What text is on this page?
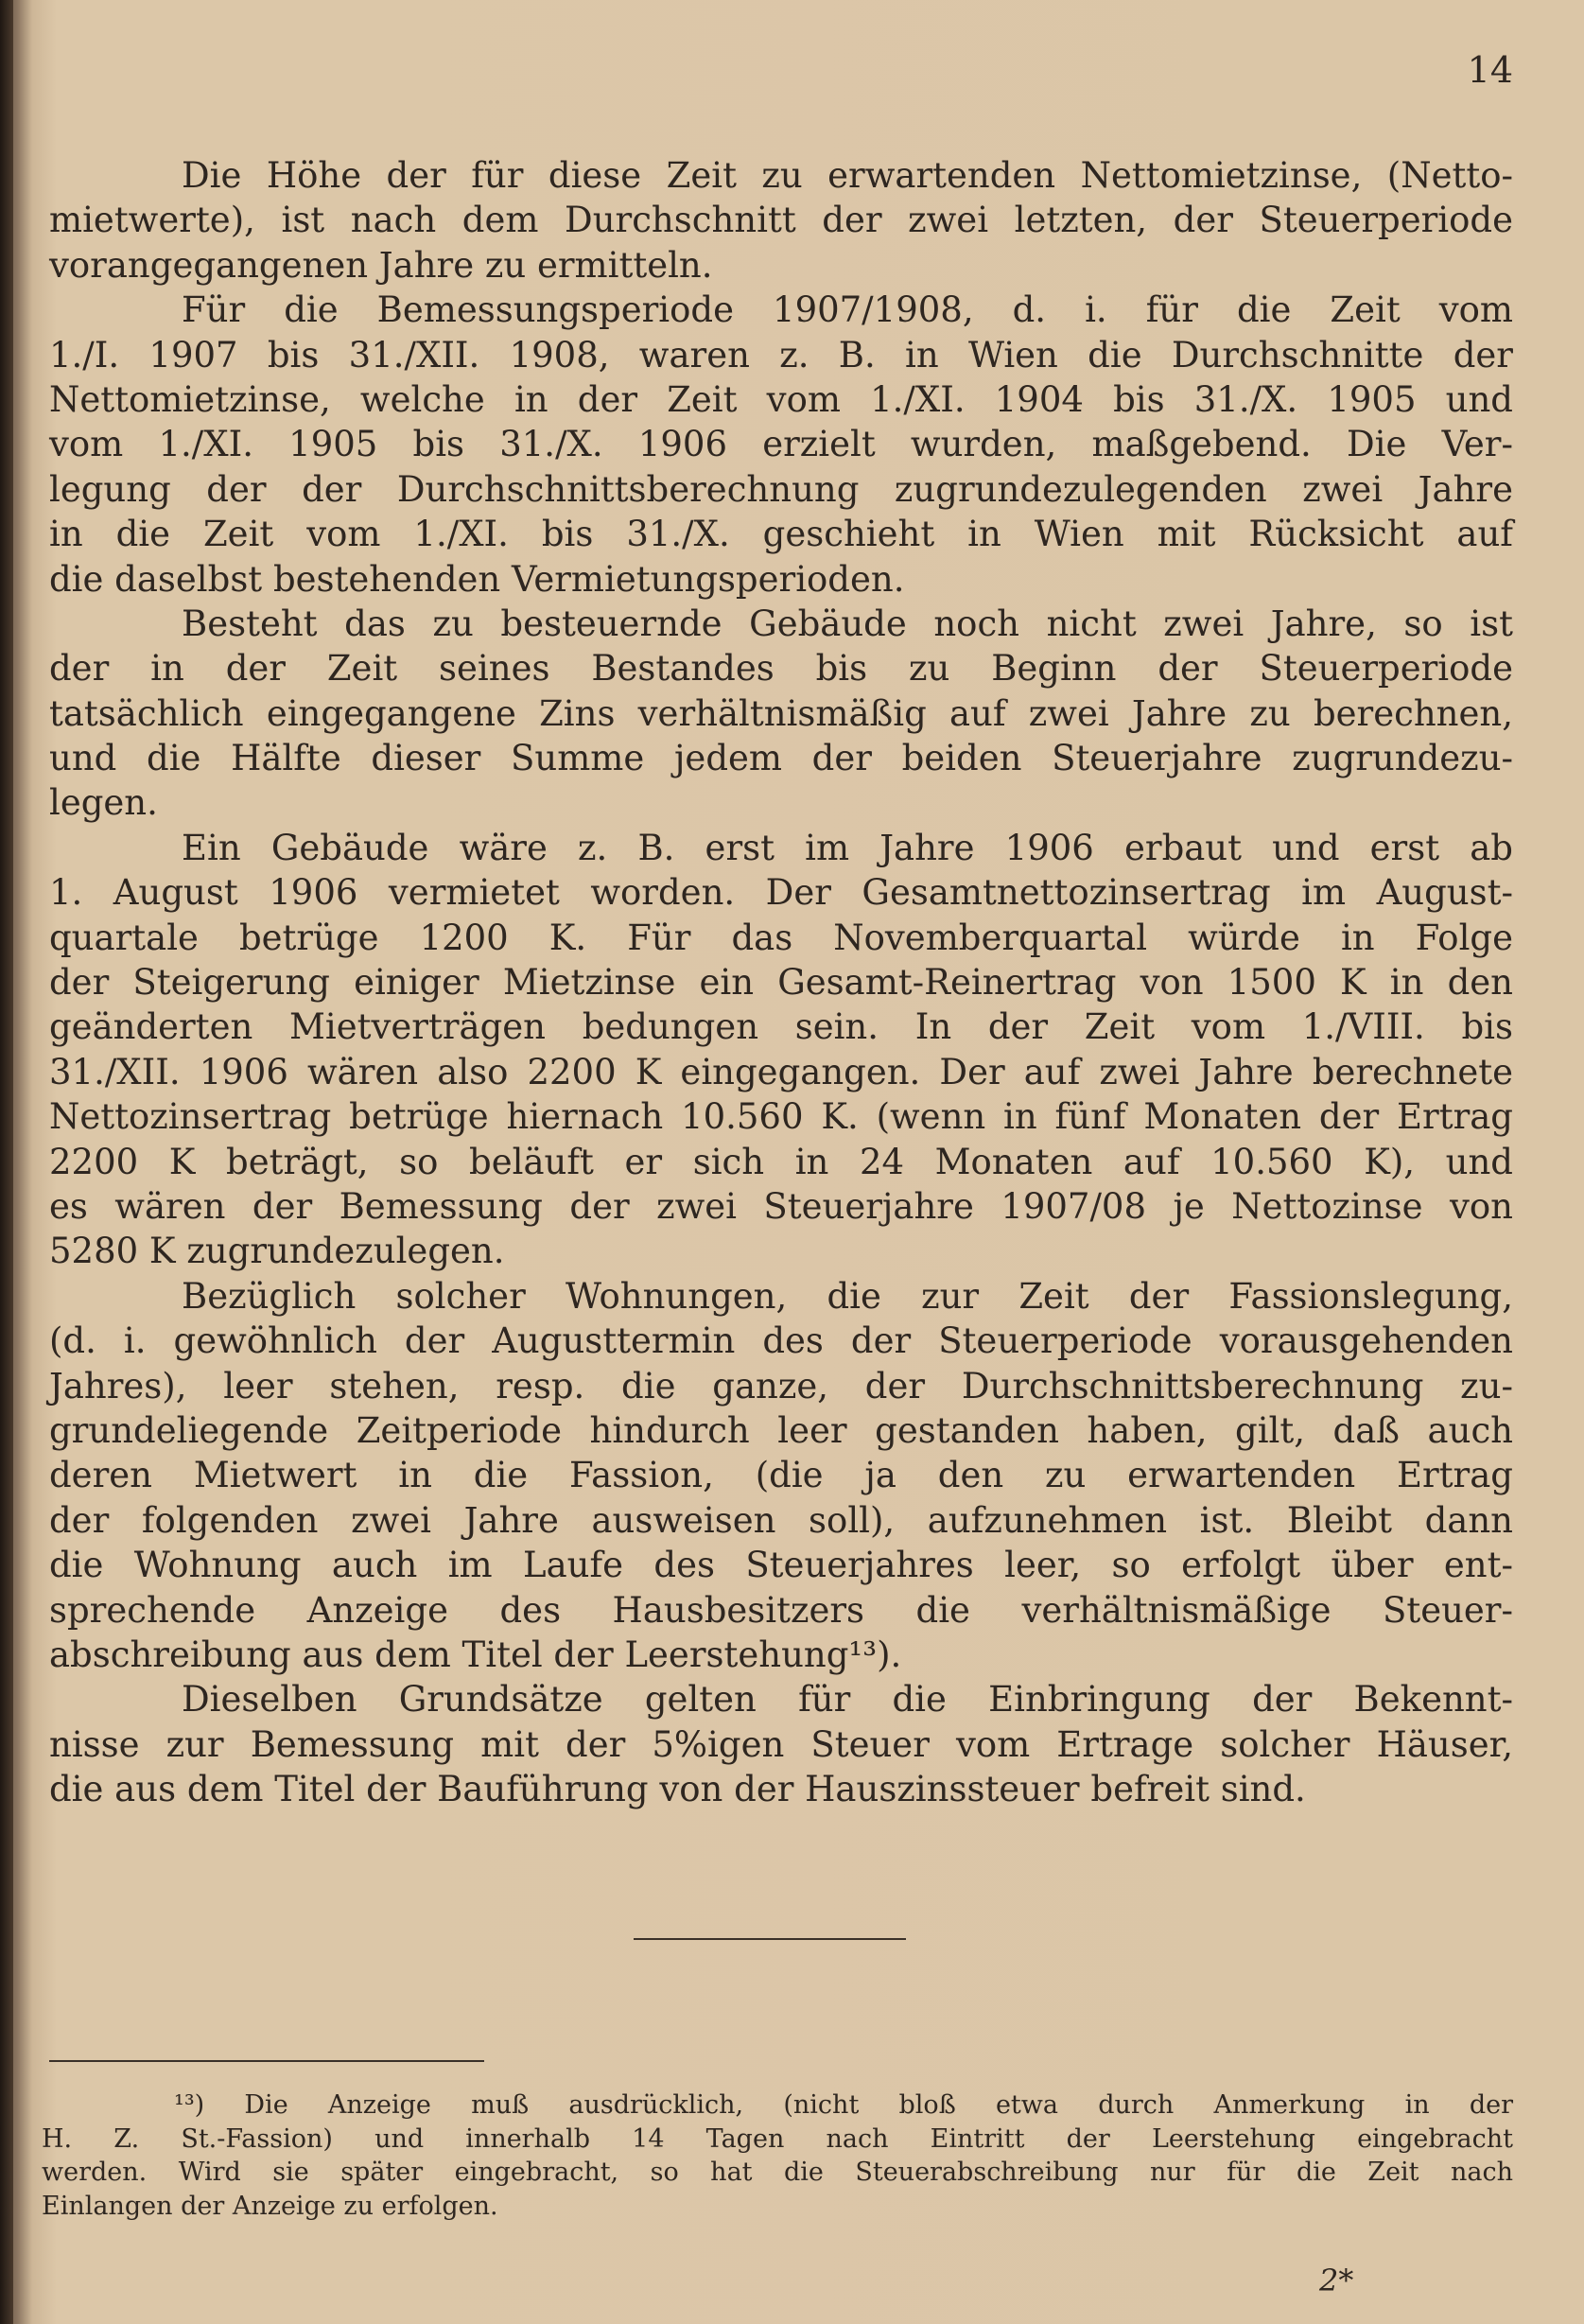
14
Die Höhe der für diese Zeit zu erwartenden Nettomietzinse, (Netto-
mietwerte), ist nach dem Durchschnitt der zwei letzten, der Steuerperiode
vorangegangenen Jahre zu ermitteln.
Für die Bemessungsperiode 1907/1908, d. i. für die Zeit vom
1./I. 1907 bis 31./XII. 1908, waren z. B. in Wien die Durchschnitte der
Nettomietzinse, welche in der Zeit vom 1./XI. 1904 bis 31./X. 1905 und
vom 1./XI. 1905 bis 31./X. 1906 erzielt wurden, maßgebend. Die Ver-
legung der der Durchschnittsberechnung zugrundezulegenden zwei Jahre
in die Zeit vom 1./XI. bis 31./X. geschieht in Wien mit Rücksicht auf
die daselbst bestehenden Vermietungsperioden.
Besteht das zu besteuernde Gebäude noch nicht zwei Jahre, so ist
der in der Zeit seines Bestandes bis zu Beginn der Steuerperiode
tatsächlich eingegangene Zins verhältnismäßig auf zwei Jahre zu berechnen,
und die Hälfte dieser Summe jedem der beiden Steuerjahre zugrundezu-
legen.
Ein Gebäude wäre z. B. erst im Jahre 1906 erbaut und erst ab
1. August 1906 vermietet worden. Der Gesamtnettozinsertrag im August-
quartale betrüge 1200 K. Für das Novemberquartal würde in Folge
der Steigerung einiger Mietzinse ein Gesamt-Reinertrag von 1500 K in den
geänderten Mietverträgen bedungen sein. In der Zeit vom 1./VIII. bis
31./XII. 1906 wären also 2200 K eingegangen. Der auf zwei Jahre berechnete
Nettozinsertrag betrüge hiernach 10.560 K. (wenn in fünf Monaten der Ertrag
2200 K beträgt, so beläuft er sich in 24 Monaten auf 10.560 K), und
es wären der Bemessung der zwei Steuerjahre 1907/08 je Nettozinse von
5280 K zugrundezulegen.
Bezüglich solcher Wohnungen, die zur Zeit der Fassionslegung,
(d. i. gewöhnlich der Augusttermin des der Steuerperiode vorausgehenden
Jahres), leer stehen, resp. die ganze, der Durchschnittsberechnung zu-
grundeliegende Zeitperiode hindurch leer gestanden haben, gilt, daß auch
deren Mietwert in die Fassion, (die ja den zu erwartenden Ertrag
der folgenden zwei Jahre ausweisen soll), aufzunehmen ist. Bleibt dann
die Wohnung auch im Laufe des Steuerjahres leer, so erfolgt über ent-
sprechende Anzeige des Hausbesitzers die verhältnismäßige Steuer-
abschreibung aus dem Titel der Leerstehung¹³).
Dieselben Grundsätze gelten für die Einbringung der Bekennt-
nisse zur Bemessung mit der 5%igen Steuer vom Ertrage solcher Häuser,
die aus dem Titel der Bauführung von der Hauszinssteuer befreit sind.
¹³) Die Anzeige muß ausdrücklich, (nicht bloß etwa durch Anmerkung in der
H. Z. St.-Fassion) und innerhalb 14 Tagen nach Eintritt der Leerstehung eingebracht
werden. Wird sie später eingebracht, so hat die Steuerabschreibung nur für die Zeit nach
Einlangen der Anzeige zu erfolgen.
2*
